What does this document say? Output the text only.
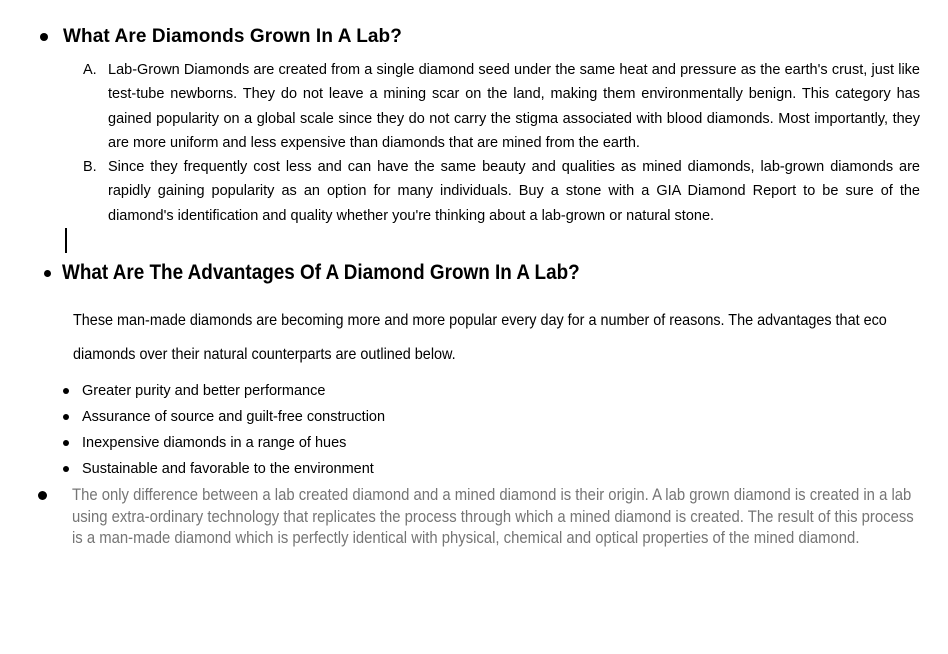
What Are Diamonds Grown In A Lab?
A. Lab-Grown Diamonds are created from a single diamond seed under the same heat and pressure as the earth's crust, just like test-tube newborns. They do not leave a mining scar on the land, making them environmentally benign. This category has gained popularity on a global scale since they do not carry the stigma associated with blood diamonds. Most importantly, they are more uniform and less expensive than diamonds that are mined from the earth.
B. Since they frequently cost less and can have the same beauty and qualities as mined diamonds, lab-grown diamonds are rapidly gaining popularity as an option for many individuals. Buy a stone with a GIA Diamond Report to be sure of the diamond's identification and quality whether you're thinking about a lab-grown or natural stone.
What Are The Advantages Of A Diamond Grown In A Lab?
These man-made diamonds are becoming more and more popular every day for a number of reasons. The advantages that eco diamonds over their natural counterparts are outlined below.
Greater purity and better performance
Assurance of source and guilt-free construction
Inexpensive diamonds in a range of hues
Sustainable and favorable to the environment
The only difference between a lab created diamond and a mined diamond is their origin. A lab grown diamond is created in a lab using extra-ordinary technology that replicates the process through which a mined diamond is created. The result of this process is a man-made diamond which is perfectly identical with physical, chemical and optical properties of the mined diamond.
